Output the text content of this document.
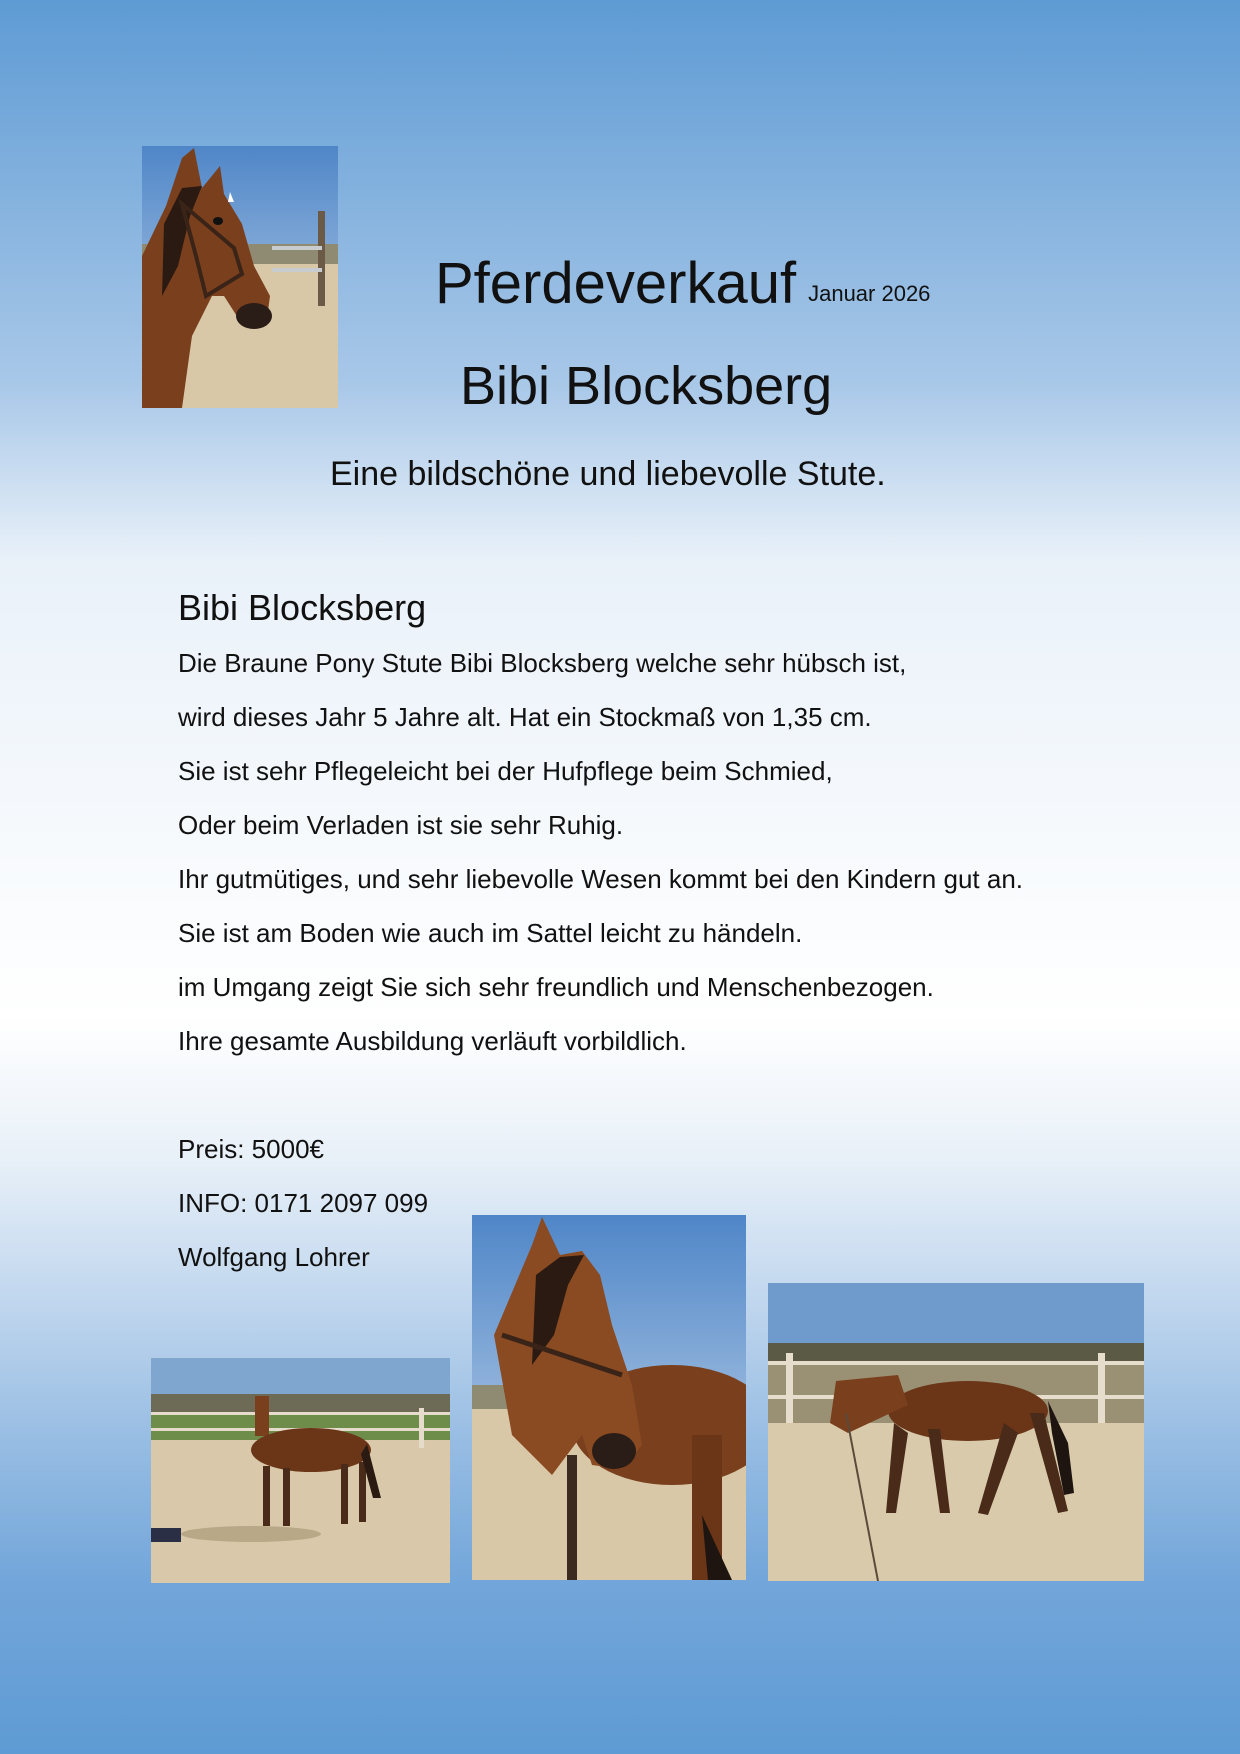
Pferdeverkauf Januar 2026
Bibi Blocksberg
Eine bildschöne und liebevolle Stute.
Bibi Blocksberg
Die Braune Pony Stute Bibi Blocksberg welche sehr hübsch ist,
wird dieses Jahr 5 Jahre alt. Hat ein Stockmaß von 1,35 cm.
Sie ist sehr Pflegeleicht bei der Hufpflege beim Schmied,
Oder beim Verladen ist sie sehr Ruhig.
Ihr gutmütiges, und sehr liebevolle Wesen kommt bei den Kindern gut an.
Sie ist am Boden wie auch im Sattel leicht zu händeln.
im Umgang zeigt Sie sich sehr freundlich und Menschenbezogen.
Ihre gesamte Ausbildung verläuft vorbildlich.
Preis: 5000€
INFO: 0171 2097 099
Wolfgang Lohrer
